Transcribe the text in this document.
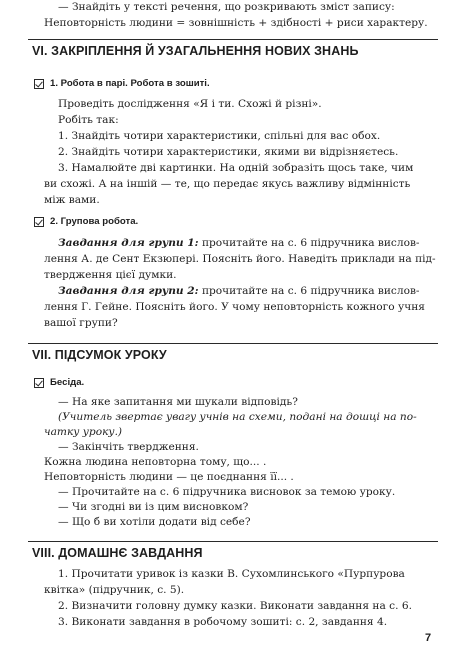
— Знайдіть у тексті речення, що розкривають зміст запису:
Неповторність людини = зовнішність + здібності + риси характеру.
VI. ЗАКРІПЛЕННЯ Й УЗАГАЛЬНЕННЯ НОВИХ ЗНАНЬ
1. Робота в парі. Робота в зошиті.
Проведіть дослідження «Я і ти. Схожі й різні».
Робіть так:
1. Знайдіть чотири характеристики, спільні для вас обох.
2. Знайдіть чотири характеристики, якими ви відрізняєтесь.
3. Намалюйте дві картинки. На одній зобразіть щось таке, чим
ви схожі. А на іншій — те, що передає якусь важливу відмінність
між вами.
2. Групова робота.
Завдання для групи 1: прочитайте на с. 6 підручника вислов-
лення А. де Сент Екзюпері. Поясніть його. Наведіть приклади на під-
твердження цієї думки.
Завдання для групи 2: прочитайте на с. 6 підручника вислов-
лення Г. Гейне. Поясніть його. У чому неповторність кожного учня
вашої групи?
VII. ПІДСУМОК УРОКУ
Бесіда.
— На яке запитання ми шукали відповідь?
(Учитель звертає увагу учнів на схеми, подані на дошці на по-
чатку уроку.)
— Закінчіть твердження.
Кожна людина неповторна тому, що... .
Неповторність людини — це поєднання її... .
— Прочитайте на с. 6 підручника висновок за темою уроку.
— Чи згодні ви із цим висновком?
— Що б ви хотіли додати від себе?
VIII. ДОМАШНЄ ЗАВДАННЯ
1. Прочитати уривок із казки В. Сухомлинського «Пурпурова
квітка» (підручник, с. 5).
2. Визначити головну думку казки. Виконати завдання на с. 6.
3. Виконати завдання в робочому зошиті: с. 2, завдання 4.
7
